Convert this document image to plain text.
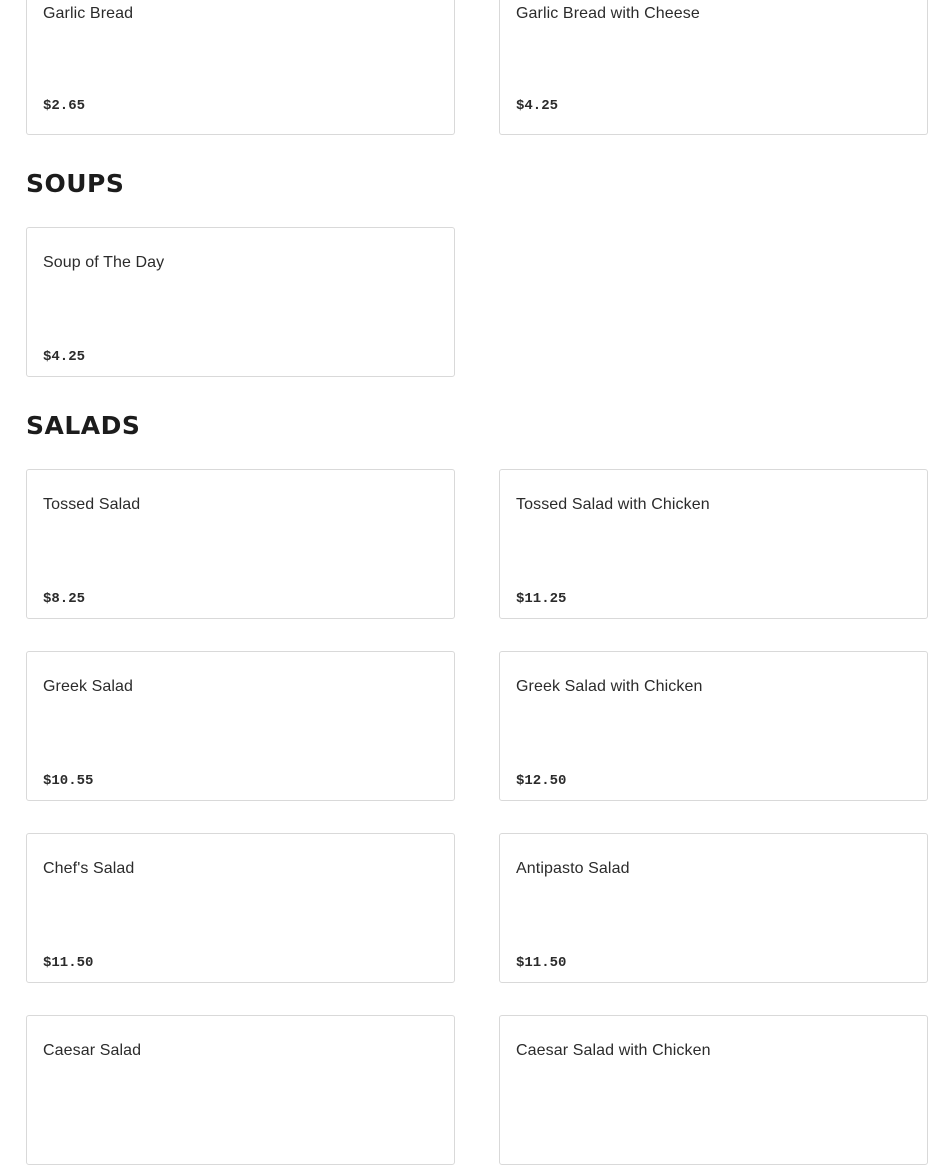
Garlic Bread
$2.65
Garlic Bread with Cheese
$4.25
SOUPS
Soup of The Day
$4.25
SALADS
Tossed Salad
$8.25
Tossed Salad with Chicken
$11.25
Greek Salad
$10.55
Greek Salad with Chicken
$12.50
Chef's Salad
$11.50
Antipasto Salad
$11.50
Caesar Salad	Caesar Salad with Chicken
